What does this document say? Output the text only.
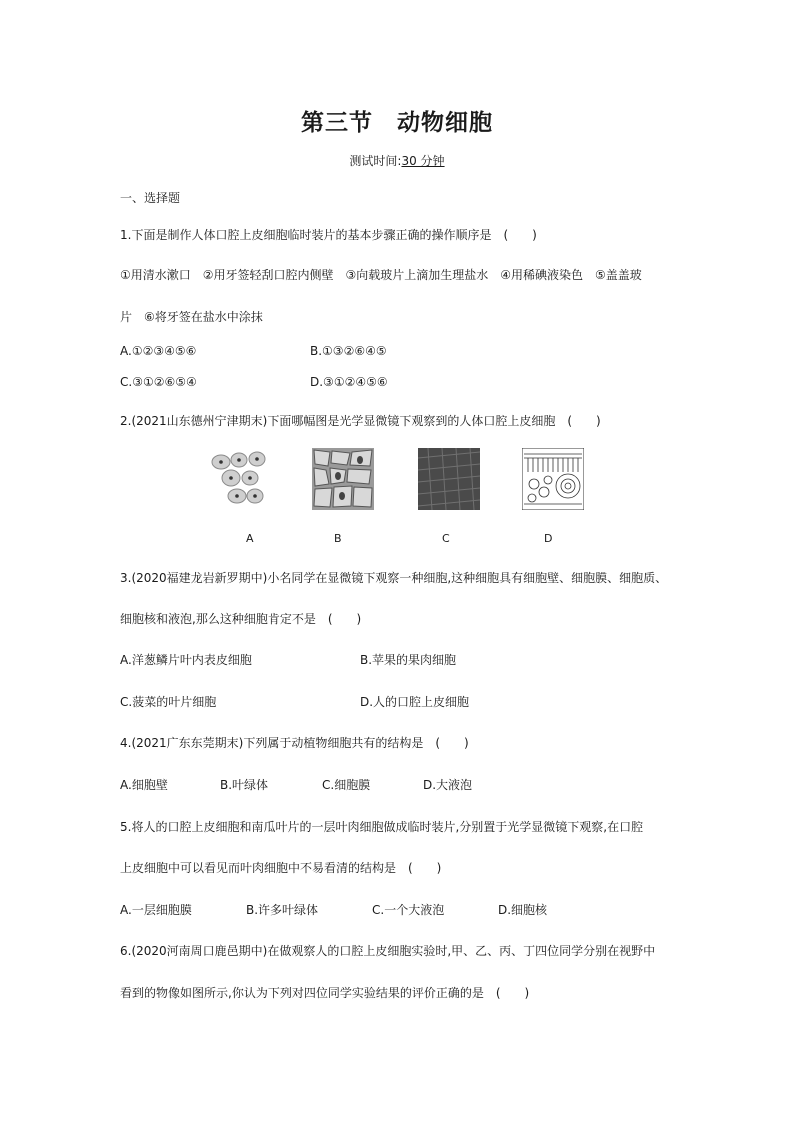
第三节　动物细胞
测试时间:30 分钟
一、选择题
1.下面是制作人体口腔上皮细胞临时装片的基本步骤正确的操作顺序是　(　　)
①用清水漱口　②用牙签轻刮口腔内侧壁　③向载玻片上滴加生理盐水　④用稀碘液染色　⑤盖盖玻
片　⑥将牙签在盐水中涂抹
A.①②③④⑤⑥	B.①③②⑥④⑤
C.③①②⑥⑤④	D.③①②④⑤⑥
2.(2021山东德州宁津期末)下面哪幅图是光学显微镜下观察到的人体口腔上皮细胞　(　　)
A	B	C	D
3.(2020福建龙岩新罗期中)小名同学在显微镜下观察一种细胞,这种细胞具有细胞壁、细胞膜、细胞质、
细胞核和液泡,那么这种细胞肯定不是　(　　)
A.洋葱鳞片叶内表皮细胞	B.苹果的果肉细胞
C.菠菜的叶片细胞	D.人的口腔上皮细胞
4.(2021广东东莞期末)下列属于动植物细胞共有的结构是　(　　)
A.细胞壁	B.叶绿体	C.细胞膜	D.大液泡
5.将人的口腔上皮细胞和南瓜叶片的一层叶肉细胞做成临时装片,分别置于光学显微镜下观察,在口腔
上皮细胞中可以看见而叶肉细胞中不易看清的结构是　(　　)
A.一层细胞膜	B.许多叶绿体	C.一个大液泡	D.细胞核
6.(2020河南周口鹿邑期中)在做观察人的口腔上皮细胞实验时,甲、乙、丙、丁四位同学分别在视野中
看到的物像如图所示,你认为下列对四位同学实验结果的评价正确的是　(　　)
